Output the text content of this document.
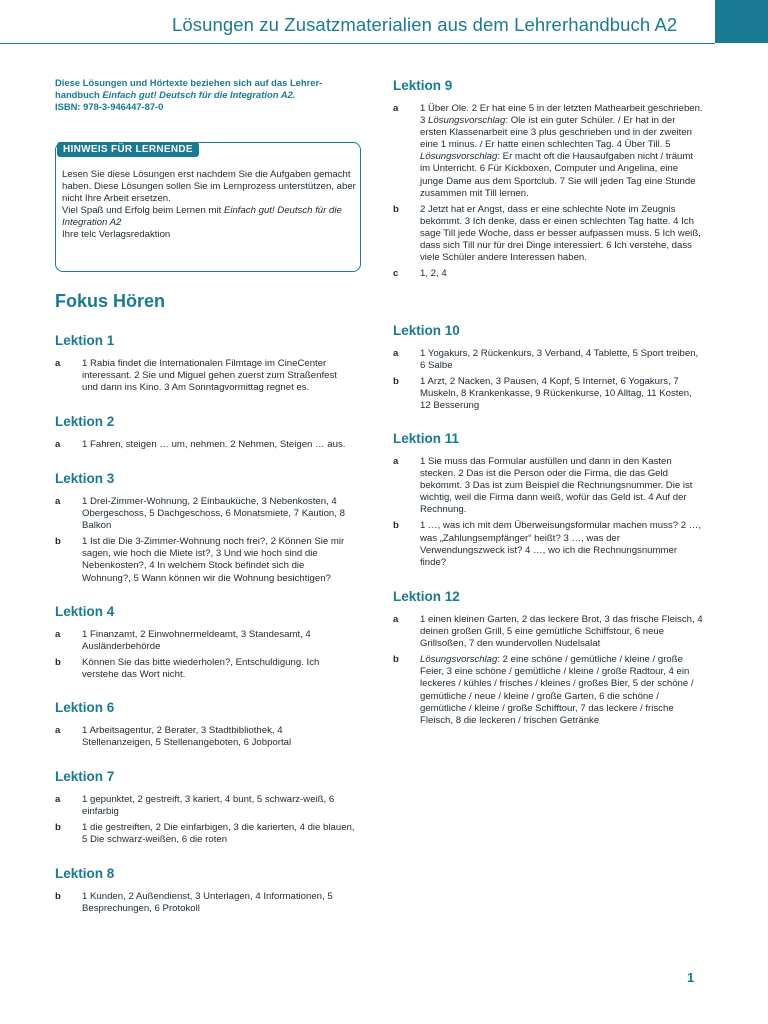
Lösungen zu Zusatzmaterialien aus dem Lehrerhandbuch A2

Diese Lösungen und Hörtexte beziehen sich auf das Lehrer-

handbuch Einfach gut! Deutsch für die Integration A2.

ISBN: 978-3-946447-87-0

HINWEIS FÜR LERNENDE

Lesen Sie diese Lösungen erst nachdem Sie die Aufgaben gemacht haben. Diese Lösungen sollen Sie im Lernprozess unterstützen, aber nicht Ihre Arbeit ersetzen.

Viel Spaß und Erfolg beim Lernen mit Einfach gut! Deutsch für die Integration A2

Ihre telc Verlagsredaktion

Fokus Hören
Lektion 1
a	1 Rabia findet die Internationalen Filmtage im CineCenter interessant. 2 Sie und Miguel gehen zuerst zum Straßenfest und dann ins Kino. 3 Am Sonntagvormittag regnet es.
Lektion 2
a	1 Fahren, steigen … um, nehmen. 2 Nehmen, Steigen … aus.
Lektion 3
a	1 Drei-Zimmer-Wohnung, 2 Einbauküche, 3 Nebenkosten, 4 Obergeschoss, 5 Dachgeschoss, 6 Monatsmiete, 7 Kaution, 8 Balkon
b	1 Ist die Die 3-Zimmer-Wohnung noch frei?, 2 Können Sie mir sagen, wie hoch die Miete ist?, 3 Und wie hoch sind die Nebenkosten?, 4 In welchem Stock befindet sich die Wohnung?, 5 Wann können wir die Wohnung besichtigen?
Lektion 4
a	1 Finanzamt, 2 Einwohnermeldeamt, 3 Standesamt, 4 Ausländerbehörde
b	Können Sie das bitte wiederholen?, Entschuldigung. Ich verstehe das Wort nicht.
Lektion 6
a	1 Arbeitsagentur, 2 Berater, 3 Stadtbibliothek, 4 Stellenanzeigen, 5 Stellenangeboten, 6 Jobportal
Lektion 7
a	1 gepunktet, 2 gestreift, 3 kariert, 4 bunt, 5 schwarz-weiß, 6 einfarbig
b	1 die gestreiften, 2 Die einfarbigen, 3 die karierten, 4 die blauen, 5 Die schwarz-weißen, 6 die roten
Lektion 8
b	1 Kunden, 2 Außendienst, 3 Unterlagen, 4 Informationen, 5 Besprechungen, 6 Protokoll
Lektion 9
a	1 Über Ole. 2 Er hat eine 5 in der letzten Mathearbeit geschrieben. 3 Lösungsvorschlag: Ole ist ein guter Schüler. / Er hat in der ersten Klassenarbeit eine 3 plus geschrieben und in der zweiten eine 1 minus. / Er hatte einen schlechten Tag. 4 Über Till. 5 Lösungsvorschlag: Er macht oft die Hausaufgaben nicht / träumt im Unterricht. 6 Für Kickboxen, Computer und Angelina, eine junge Dame aus dem Sportclub. 7 Sie will jeden Tag eine Stunde zusammen mit Till lernen.
b	2 Jetzt hat er Angst, dass er eine schlechte Note im Zeugnis bekommt. 3 Ich denke, dass er einen schlechten Tag hatte. 4 Ich sage Till jede Woche, dass er besser aufpassen muss. 5 Ich weiß, dass sich Till nur für drei Dinge interessiert. 6 Ich verstehe, dass viele Schüler andere Interessen haben.
c	1, 2, 4
Lektion 10
a	1 Yogakurs, 2 Rückenkurs, 3 Verband, 4 Tablette, 5 Sport treiben, 6 Salbe
b	1 Arzt, 2 Nacken, 3 Pausen, 4 Kopf, 5 Internet, 6 Yogakurs, 7 Muskeln, 8 Krankenkasse, 9 Rückenkurse, 10 Alltag, 11 Kosten, 12 Besserung
Lektion 11
a	1 Sie muss das Formular ausfüllen und dann in den Kasten stecken. 2 Das ist die Person oder die Firma, die das Geld bekommt. 3 Das ist zum Beispiel die Rechnungsnummer. Die ist wichtig, weil die Firma dann weiß, wofür das Geld ist. 4 Auf der Rechnung.
b	1 …, was ich mit dem Überweisungsformular machen muss? 2 …, was „Zahlungsempfänger“ heißt? 3 …, was der Verwendungszweck ist? 4 …, wo ich die Rechnungsnummer finde?
Lektion 12
a	1 einen kleinen Garten, 2 das leckere Brot, 3 das frische Fleisch, 4 deinen großen Grill, 5 eine gemütliche Schiffstour, 6 neue Grillsoßen, 7 den wundervollen Nudelsalat
b	Lösungsvorschlag: 2 eine schöne / gemütliche / kleine / große Feier, 3 eine schöne / gemütliche / kleine / große Radtour, 4 ein leckeres / kühles / frisches / kleines / großes Bier, 5 der schöne / gemütliche / neue / kleine / große Garten, 6 die schöne / gemütliche / kleine / große Schifftour, 7 das leckere / frische Fleisch, 8 die leckeren / frischen Getränke
1
